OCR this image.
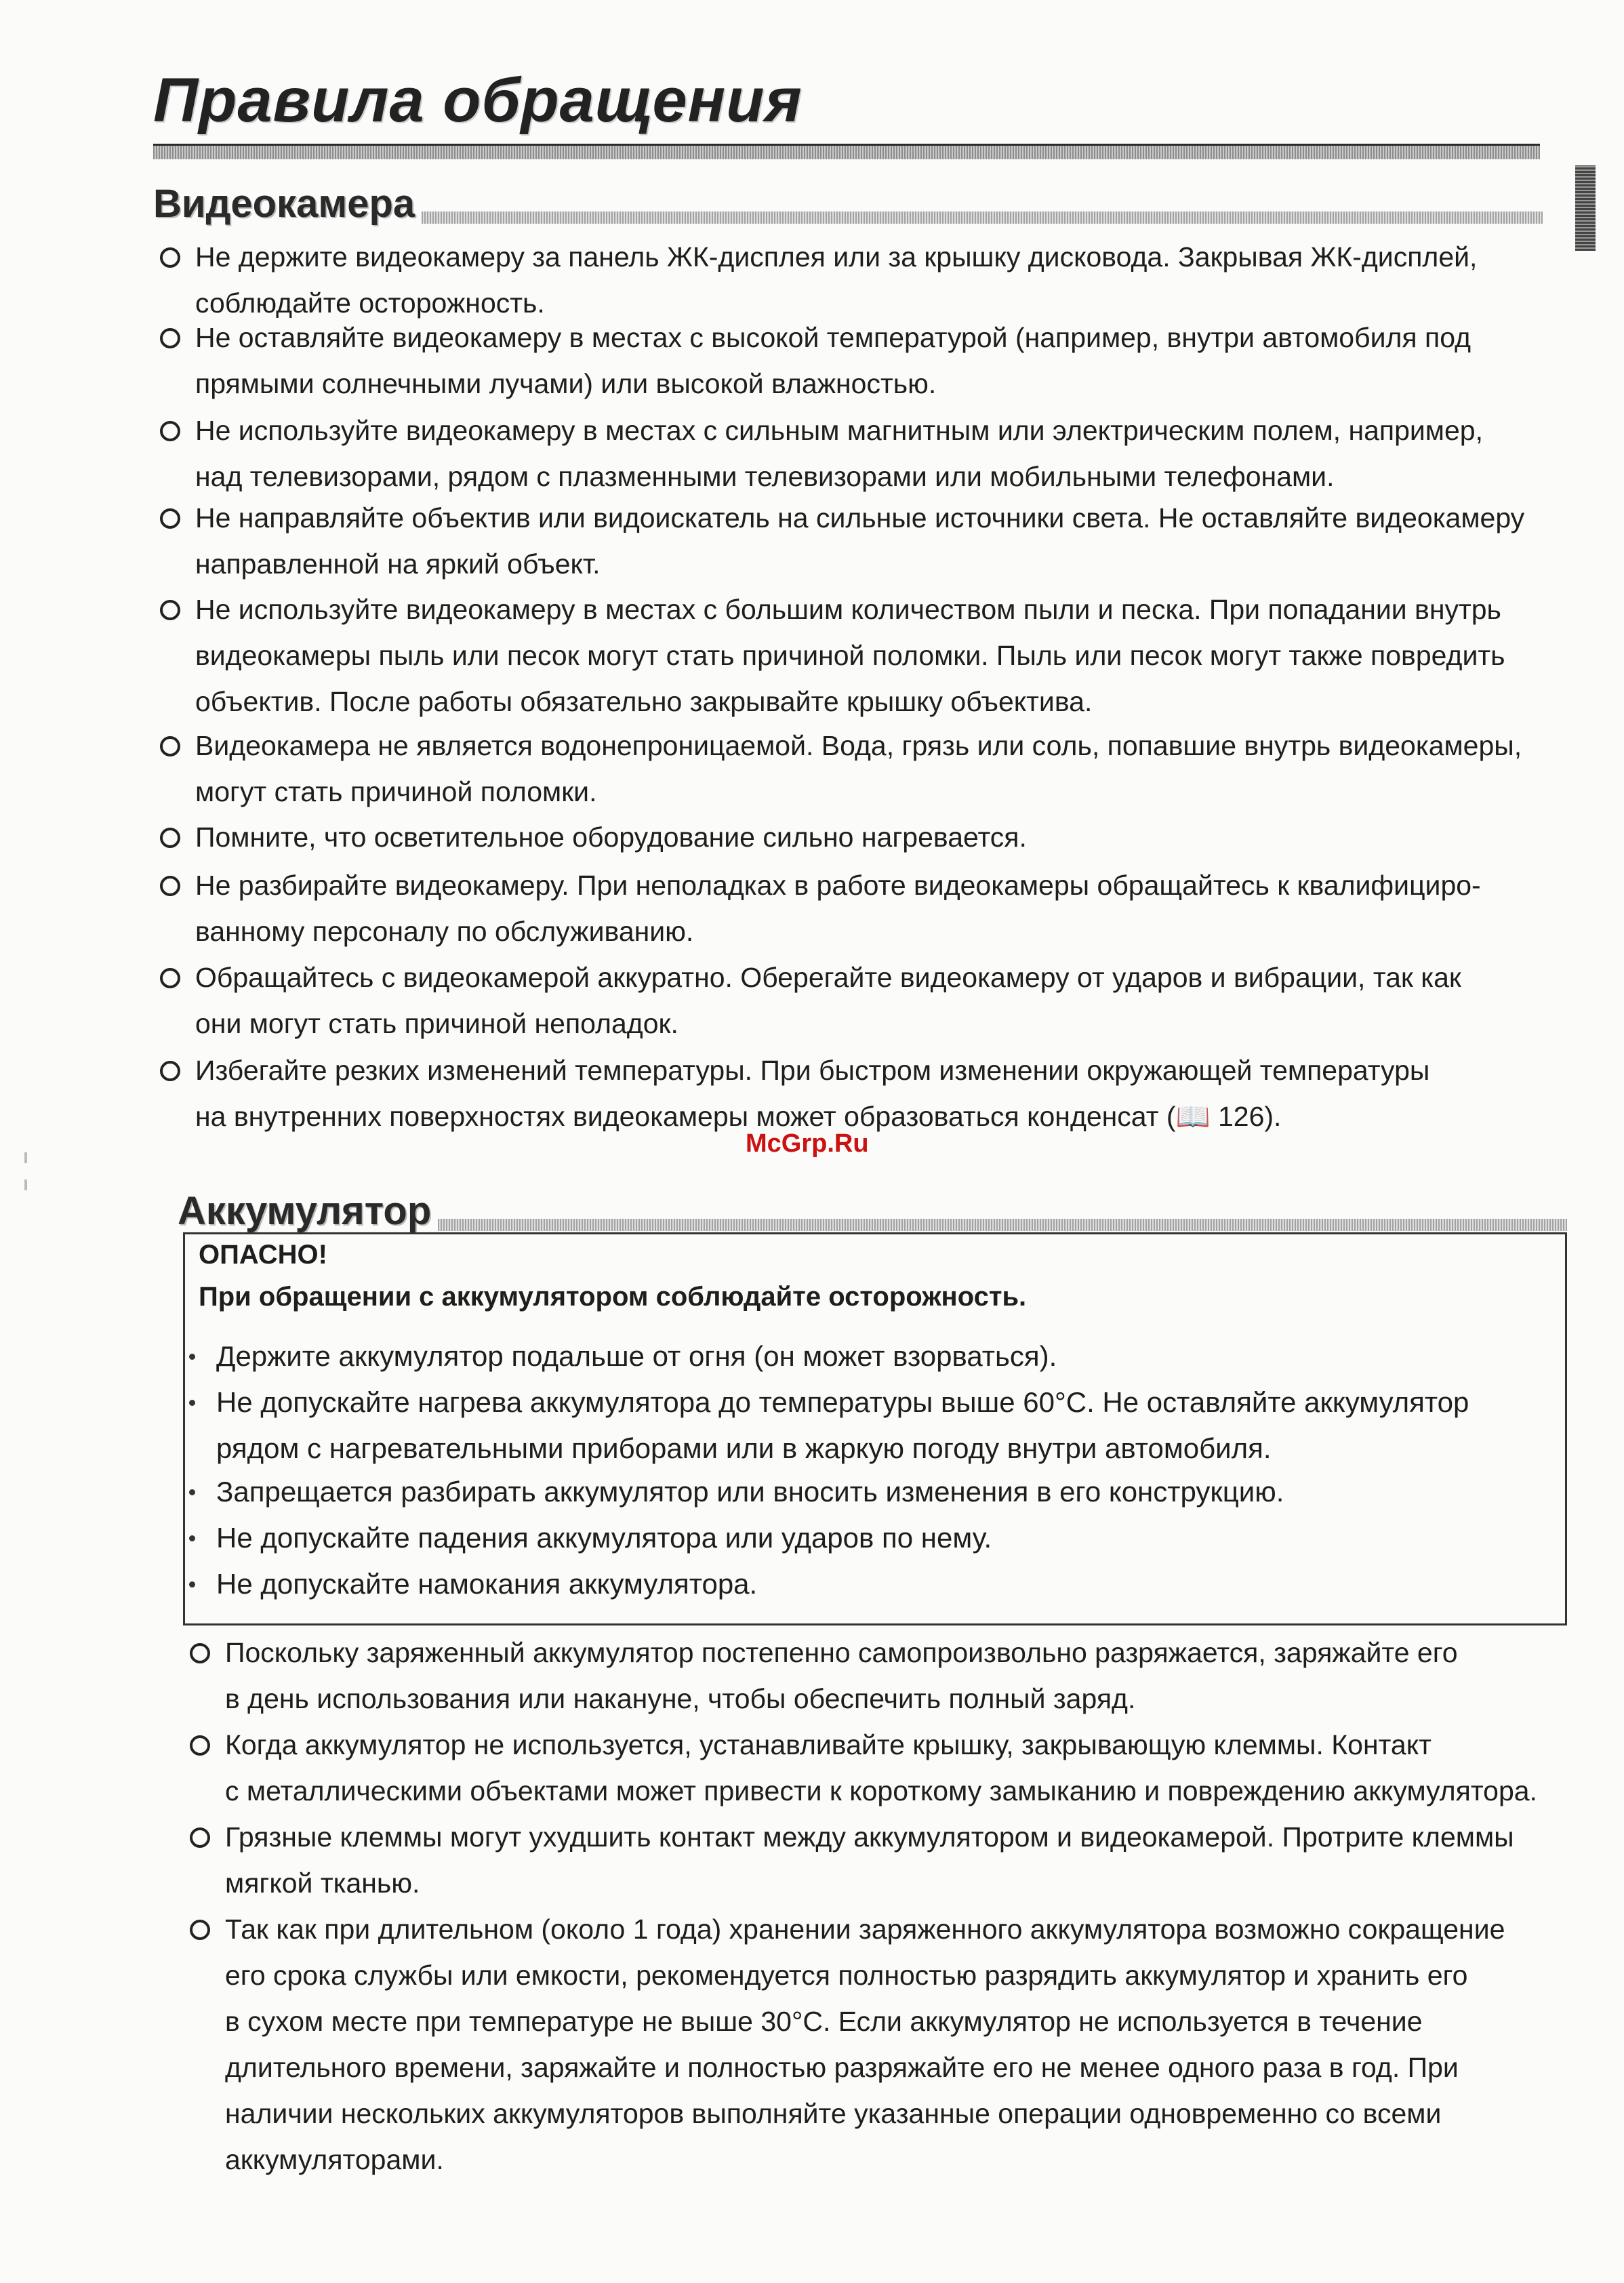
Правила обращения
Видеокамера
Не держите видеокамеру за панель ЖК-дисплея или за крышку дисковода. Закрывая ЖК-дисплей,
соблюдайте осторожность.
Не оставляйте видеокамеру в местах с высокой температурой (например, внутри автомобиля под
прямыми солнечными лучами) или высокой влажностью.
Не используйте видеокамеру в местах с сильным магнитным или электрическим полем, например,
над телевизорами, рядом с плазменными телевизорами или мобильными телефонами.
Не направляйте объектив или видоискатель на сильные источники света. Не оставляйте видеокамеру
направленной на яркий объект.
Не используйте видеокамеру в местах с большим количеством пыли и песка. При попадании внутрь
видеокамеры пыль или песок могут стать причиной поломки. Пыль или песок могут также повредить
объектив. После работы обязательно закрывайте крышку объектива.
Видеокамера не является водонепроницаемой. Вода, грязь или соль, попавшие внутрь видеокамеры,
могут стать причиной поломки.
Помните, что осветительное оборудование сильно нагревается.
Не разбирайте видеокамеру. При неполадках в работе видеокамеры обращайтесь к квалифициро-
ванному персоналу по обслуживанию.
Обращайтесь с видеокамерой аккуратно. Оберегайте видеокамеру от ударов и вибрации, так как
они могут стать причиной неполадок.
Избегайте резких изменений температуры. При быстром изменении окружающей температуры
на внутренних поверхностях видеокамеры может образоваться конденсат (📖 126).
McGrp.Ru
Аккумулятор
ОПАСНО!
При обращении с аккумулятором соблюдайте осторожность.
Держите аккумулятор подальше от огня (он может взорваться).
Не допускайте нагрева аккумулятора до температуры выше 60°C. Не оставляйте аккумулятор
рядом с нагревательными приборами или в жаркую погоду внутри автомобиля.
Запрещается разбирать аккумулятор или вносить изменения в его конструкцию.
Не допускайте падения аккумулятора или ударов по нему.
Не допускайте намокания аккумулятора.
Поскольку заряженный аккумулятор постепенно самопроизвольно разряжается, заряжайте его
в день использования или накануне, чтобы обеспечить полный заряд.
Когда аккумулятор не используется, устанавливайте крышку, закрывающую клеммы. Контакт
с металлическими объектами может привести к короткому замыканию и повреждению аккумулятора.
Грязные клеммы могут ухудшить контакт между аккумулятором и видеокамерой. Протрите клеммы
мягкой тканью.
Так как при длительном (около 1 года) хранении заряженного аккумулятора возможно сокращение
его срока службы или емкости, рекомендуется полностью разрядить аккумулятор и хранить его
в сухом месте при температуре не выше 30°C. Если аккумулятор не используется в течение
длительного времени, заряжайте и полностью разряжайте его не менее одного раза в год. При
наличии нескольких аккумуляторов выполняйте указанные операции одновременно со всеми
аккумуляторами.
